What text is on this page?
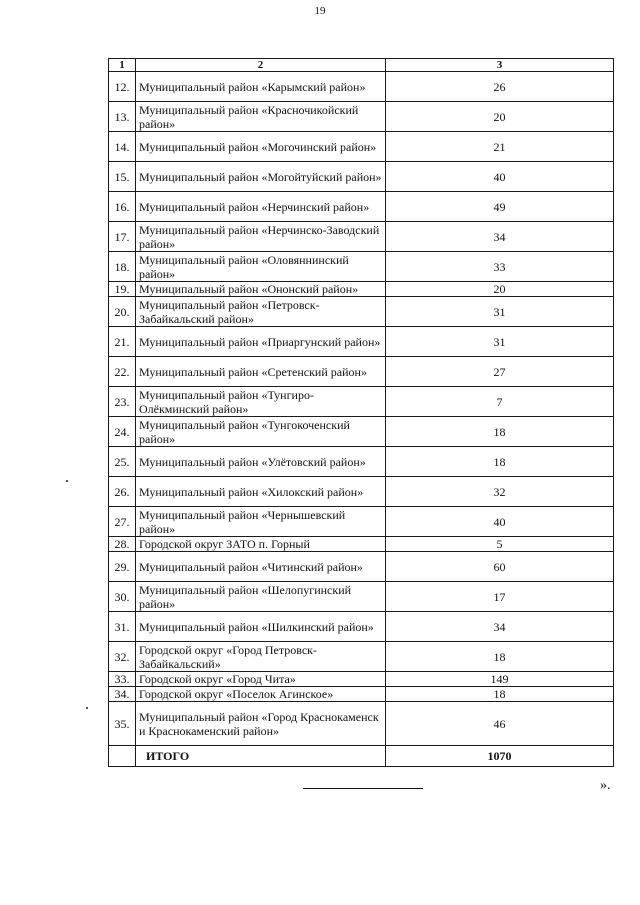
19
1	2	3
12.	Муниципальный район «Карымский район»	26
13.	Муниципальный район «Красночикойский район»	20
14.	Муниципальный район «Могочинский район»	21
15.	Муниципальный район «Могойтуйский район»	40
16.	Муниципальный район «Нерчинский район»	49
17.	Муниципальный район «Нерчинско-Заводский район»	34
18.	Муниципальный район «Оловяннинский район»	33
19.	Муниципальный район «Ононский район»	20
20.	Муниципальный район «Петровск-Забайкальский район»	31
21.	Муниципальный район «Приаргунский район»	31
22.	Муниципальный район «Сретенский район»	27
23.	Муниципальный район «Тунгиро-Олёкминский район»	7
24.	Муниципальный район «Тунгокоченский район»	18
25.	Муниципальный район «Улётовский район»	18
26.	Муниципальный район «Хилокский район»	32
27.	Муниципальный район «Чернышевский район»	40
28.	Городской округ ЗАТО п. Горный	5
29.	Муниципальный район «Читинский район»	60
30.	Муниципальный район «Шелопугинский район»	17
31.	Муниципальный район «Шилкинский район»	34
32.	Городской округ «Город Петровск-Забайкальский»	18
33.	Городской округ «Город Чита»	149
34.	Городской округ «Поселок Агинское»	18
35.	Муниципальный район «Город Краснокаменск и Краснокаменский район»	46
	ИТОГО	1070
».
